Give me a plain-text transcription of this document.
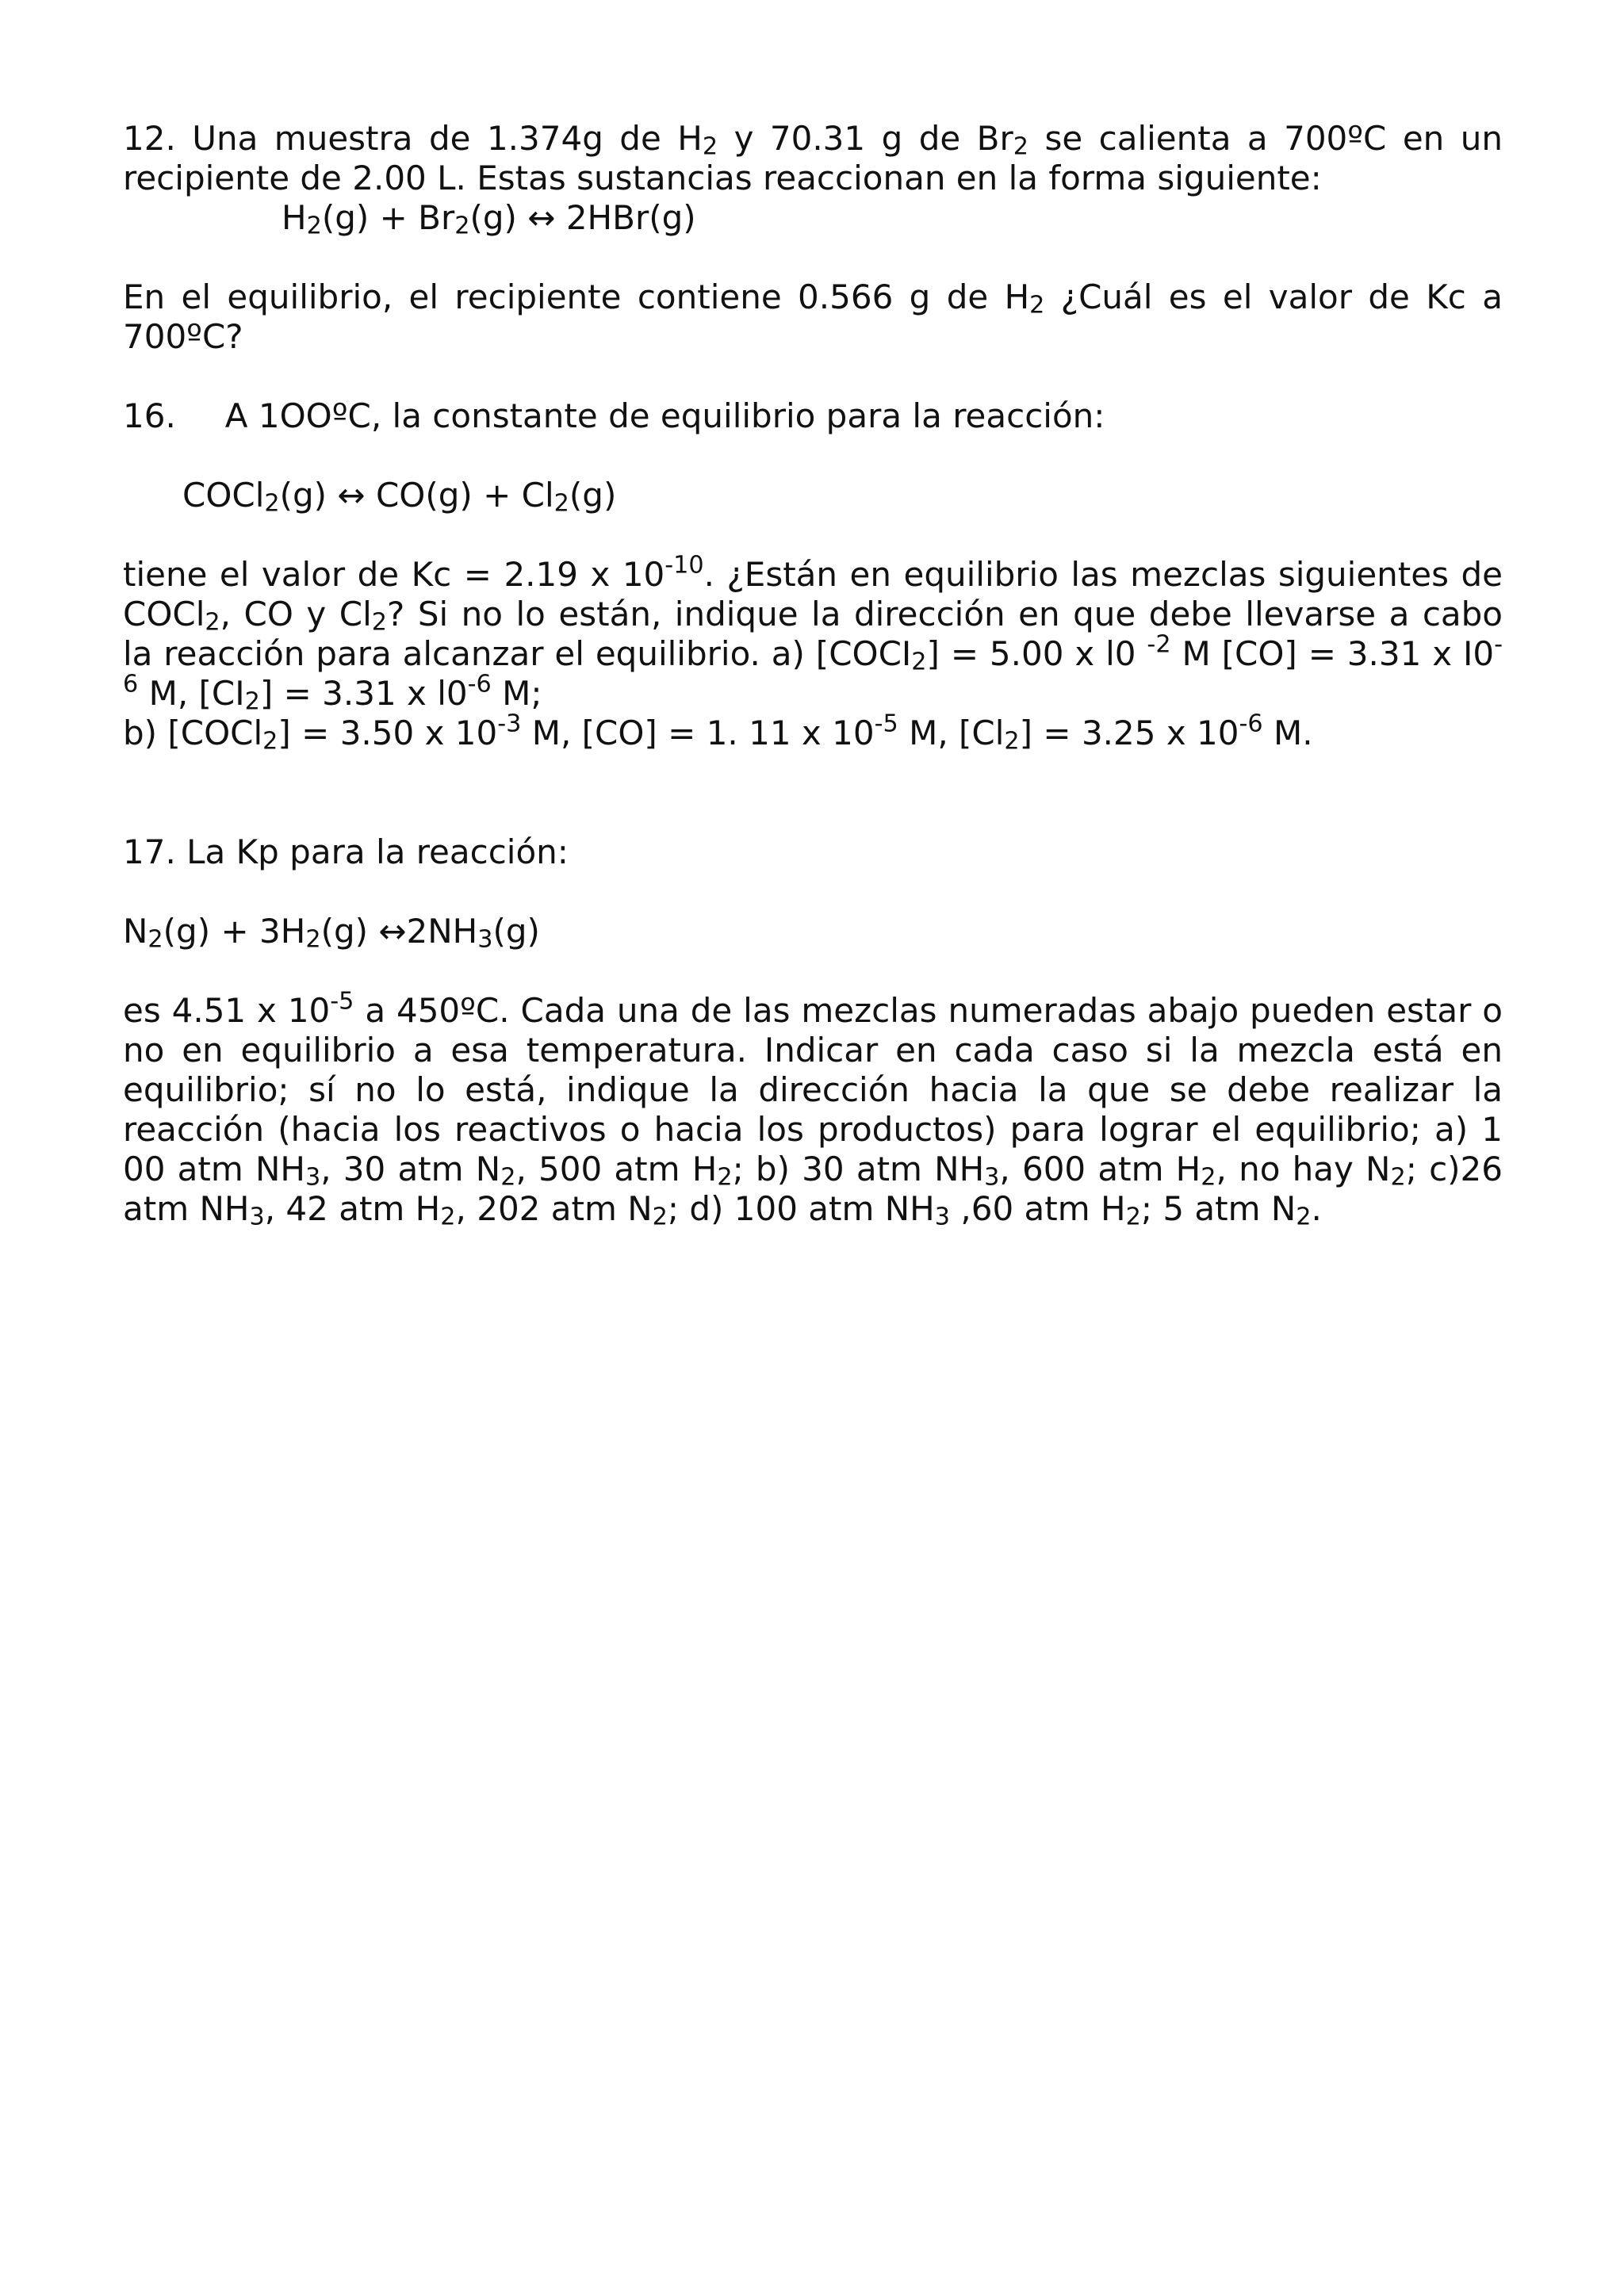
12. Una muestra de 1.374g de $H_2$ y 70.31 g de $Br_2$ se calienta a 700ºC en un recipiente de 2.00 L. Estas sustancias reaccionan en la forma siguiente:

$H_2(g) + Br_2(g)$ ↔ 2HBr(g)

En el equilibrio, el recipiente contiene 0.566 g de $H_2$ ¿Cuál es el valor de Kc a 700ºC?

16. A 1OOºC, la constante de equilibrio para la reacción:

COCl$_2$(g) ↔ $CO(g) + Cl_2(g)$

tiene el valor de Kc = 2.19 x $10^{-10}$. ¿Están en equilibrio las mezclas siguientes de COCl$_2$, CO y $Cl_2$? Si no lo están, indique la dirección en que debe llevarse a cabo la reacción para alcanzar el equilibrio. a) $[COCI_2] = 5.00$ x l0 $^{-2}$ M [CO] = 3.31 x $I0^{-6}$ M, $[CI_2] = 3.31$ x $l0^{-6}$ M;

b) [COCl$_2$] = 3.50 x $10^{-3}$ M, [CO] = 1. 11 x $10^{-5}$ M, $[Cl_2] = 3.25$ x $10^{-6}$ M.

17. La Kp para la reacción:

$N_2(g) + 3H_2(g)$ $\leftrightarrow 2NH_3(g)$

es 4.51 x $10^{-5}$ a 450ºC. Cada una de las mezclas numeradas abajo pueden estar o no en equilibrio a esa temperatura. Indicar en cada caso si la mezcla está en equilibrio; sí no lo está, indique la dirección hacia la que se debe realizar la reacción (hacia los reactivos o hacia los productos) para lograr el equilibrio; a) 1 00 atm $NH_3$, 30 atm $N_2$, 500 atm $H_2$; b) 30 atm $NH_3$, 600 atm $H_2$, no hay $N_2$; c)26 atm $NH_3$, 42 atm $H_2$, 202 atm $N_2$; d) 100 atm $NH_3$ ,60 atm $H_2$; 5 atm $N_2$.
